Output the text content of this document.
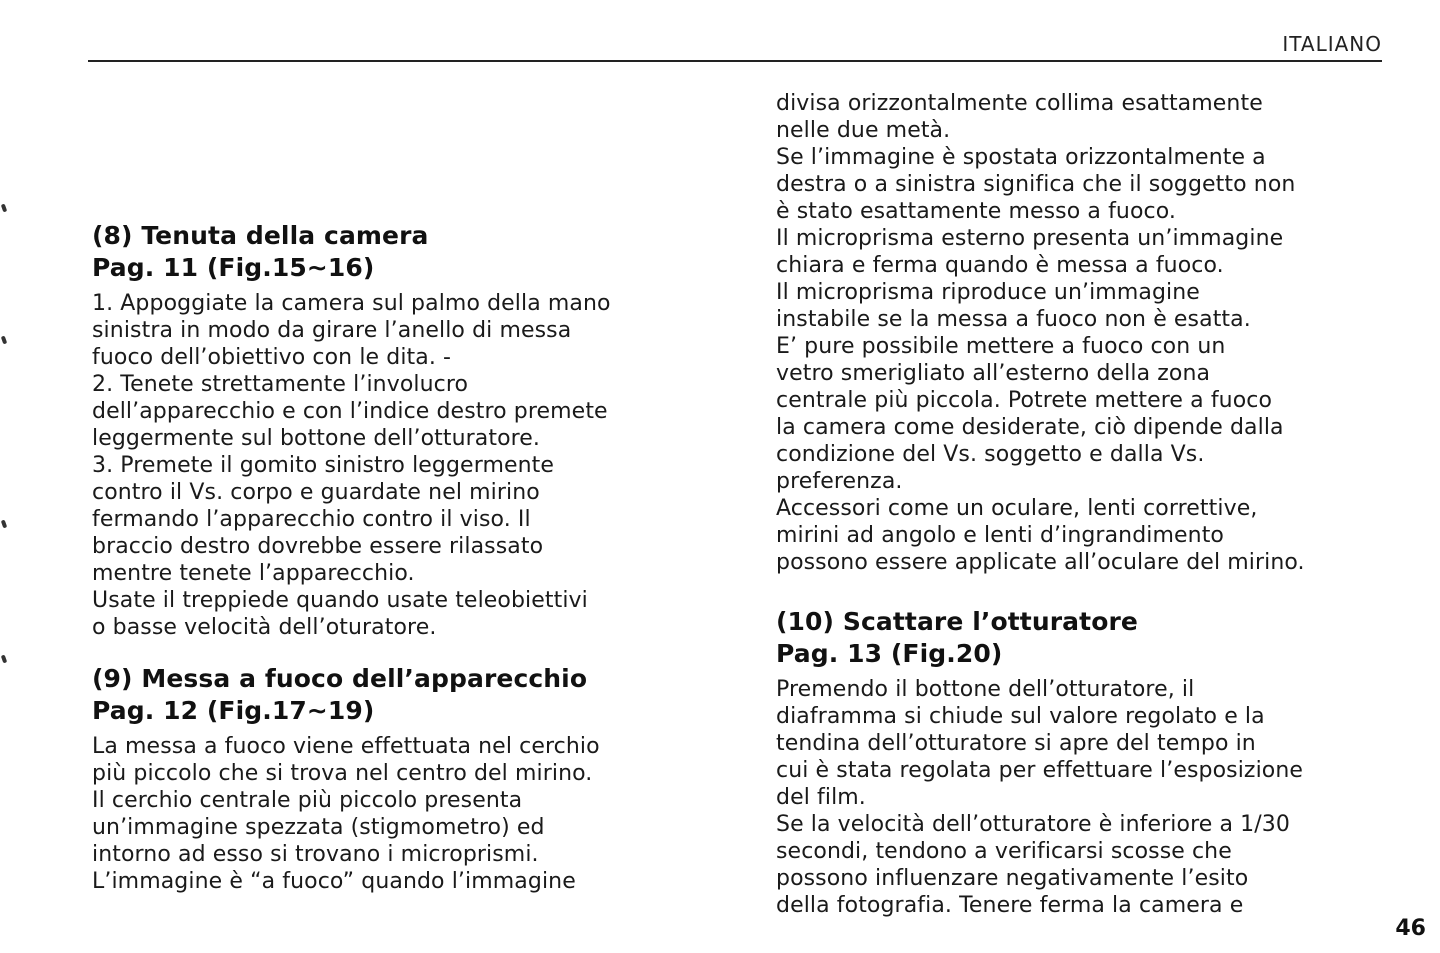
ITALIANO
(8) Tenuta della camera
Pag. 11 (Fig.15∼16)
1. Appoggiate la camera sul palmo della mano
sinistra in modo da girare l’anello di messa
fuoco dell’obiettivo con le dita. -
2. Tenete strettamente l’involucro
dell’apparecchio e con l’indice destro premete
leggermente sul bottone dell’otturatore.
3. Premete il gomito sinistro leggermente
contro il Vs. corpo e guardate nel mirino
fermando l’apparecchio contro il viso. Il
braccio destro dovrebbe essere rilassato
mentre tenete l’apparecchio.
Usate il treppiede quando usate teleobiettivi
o basse velocità dell’oturatore.
(9) Messa a fuoco dell’apparecchio
Pag. 12 (Fig.17∼19)
La messa a fuoco viene effettuata nel cerchio
più piccolo che si trova nel centro del mirino.
Il cerchio centrale più piccolo presenta
un’immagine spezzata (stigmometro) ed
intorno ad esso si trovano i microprismi.
L’immagine è “a fuoco” quando l’immagine
divisa orizzontalmente collima esattamente
nelle due metà.
Se l’immagine è spostata orizzontalmente a
destra o a sinistra significa che il soggetto non
è stato esattamente messo a fuoco.
Il microprisma esterno presenta un’immagine
chiara e ferma quando è messa a fuoco.
Il microprisma riproduce un’immagine
instabile se la messa a fuoco non è esatta.
E’ pure possibile mettere a fuoco con un
vetro smerigliato all’esterno della zona
centrale più piccola. Potrete mettere a fuoco
la camera come desiderate, ciò dipende dalla
condizione del Vs. soggetto e dalla Vs.
preferenza.
Accessori come un oculare, lenti correttive,
mirini ad angolo e lenti d’ingrandimento
possono essere applicate all’oculare del mirino.
(10) Scattare l’otturatore
Pag. 13 (Fig.20)
Premendo il bottone dell’otturatore, il
diaframma si chiude sul valore regolato e la
tendina dell’otturatore si apre del tempo in
cui è stata regolata per effettuare l’esposizione
del film.
Se la velocità dell’otturatore è inferiore a 1/30
secondi, tendono a verificarsi scosse che
possono influenzare negativamente l’esito
della fotografia. Tenere ferma la camera e
46
